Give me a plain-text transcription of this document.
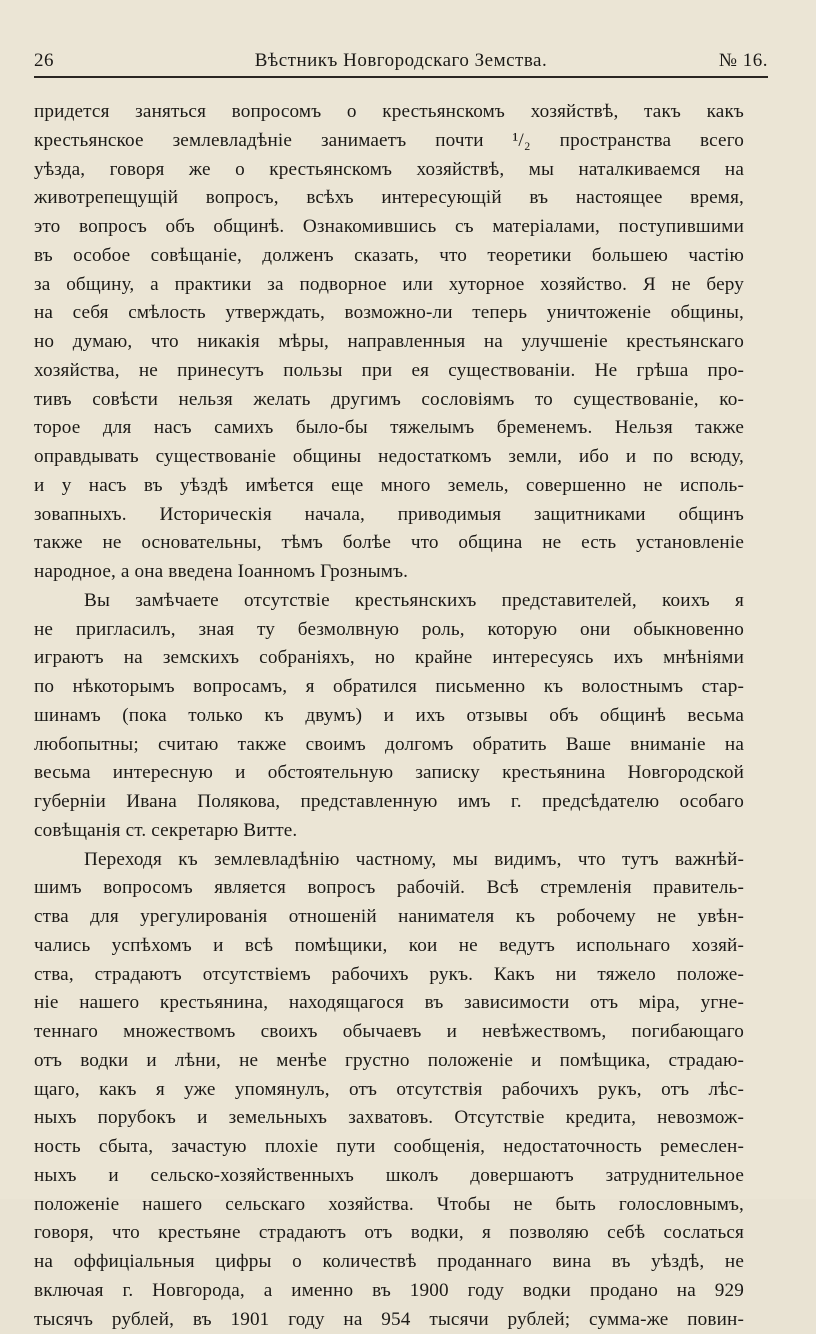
26	Вѣстникъ Новгородскаго Земства.	№ 16.
придется заняться вопросомъ о крестьянскомъ хозяйствѣ, такъ какъ
крестьянское землевладѣніе занимаетъ почти ¹/₂ пространства всего
уѣзда, говоря же о крестьянскомъ хозяйствѣ, мы наталкиваемся на
животрепещущій вопросъ, всѣхъ интересующій въ настоящее время,
это вопросъ объ общинѣ. Ознакомившись съ матеріалами, поступившими
въ особое совѣщаніе, долженъ сказать, что теоретики большею частію
за общину, а практики за подворное или хуторное хозяйство. Я не беру
на себя смѣлость утверждать, возможно-ли теперь уничтоженіе общины,
но думаю, что никакія мѣры, направленныя на улучшеніе крестьянскаго
хозяйства, не принесутъ пользы при ея существованіи. Не грѣша про-
тивъ совѣсти нельзя желать другимъ сословіямъ то существованіе, ко-
торое для насъ самихъ было-бы тяжелымъ бременемъ. Нельзя также
оправдывать существованіе общины недостаткомъ земли, ибо и по всюду,
и у насъ въ уѣздѣ имѣется еще много земель, совершенно не исполь-
зовапныхъ. Историческія начала, приводимыя защитниками общинъ
также не основательны, тѣмъ болѣе что община не есть установленіе
народное, а она введена Іоанномъ Грознымъ.
Вы замѣчаете отсутствіе крестьянскихъ представителей, коихъ я
не пригласилъ, зная ту безмолвную роль, которую они обыкновенно
играютъ на земскихъ собраніяхъ, но крайне интересуясь ихъ мнѣніями
по нѣкоторымъ вопросамъ, я обратился письменно къ волостнымъ стар-
шинамъ (пока только къ двумъ) и ихъ отзывы объ общинѣ весьма
любопытны; считаю также своимъ долгомъ обратить Ваше вниманіе на
весьма интересную и обстоятельную записку крестьянина Новгородской
губерніи Ивана Полякова, представленную имъ г. предсѣдателю особаго
совѣщанія ст. секретарю Витте.
Переходя къ землевладѣнію частному, мы видимъ, что тутъ важнѣй-
шимъ вопросомъ является вопросъ рабочій. Всѣ стремленія правитель-
ства для урегулированія отношеній нанимателя къ робочему не увѣн-
чались успѣхомъ и всѣ помѣщики, кои не ведутъ испольнаго хозяй-
ства, страдаютъ отсутствіемъ рабочихъ рукъ. Какъ ни тяжело положе-
ніе нашего крестьянина, находящагося въ зависимости отъ міра, угне-
теннаго множествомъ своихъ обычаевъ и невѣжествомъ, погибающаго
отъ водки и лѣни, не менѣе грустно положеніе и помѣщика, страдаю-
щаго, какъ я уже упомянулъ, отъ отсутствія рабочихъ рукъ, отъ лѣс-
ныхъ порубокъ и земельныхъ захватовъ. Отсутствіе кредита, невозмож-
ность сбыта, зачастую плохіе пути сообщенія, недостаточность ремеслен-
ныхъ и сельско-хозяйственныхъ школъ довершаютъ затруднительное
положеніе нашего сельскаго хозяйства. Чтобы не быть голословнымъ,
говоря, что крестьяне страдаютъ отъ водки, я позволяю себѣ сослаться
на оффиціальныя цифры о количествѣ проданнаго вина въ уѣздѣ, не
включая г. Новгорода, а именно въ 1900 году водки продано на 929
тысячъ рублей, въ 1901 году на 954 тысячи рублей; сумма-же повин-
